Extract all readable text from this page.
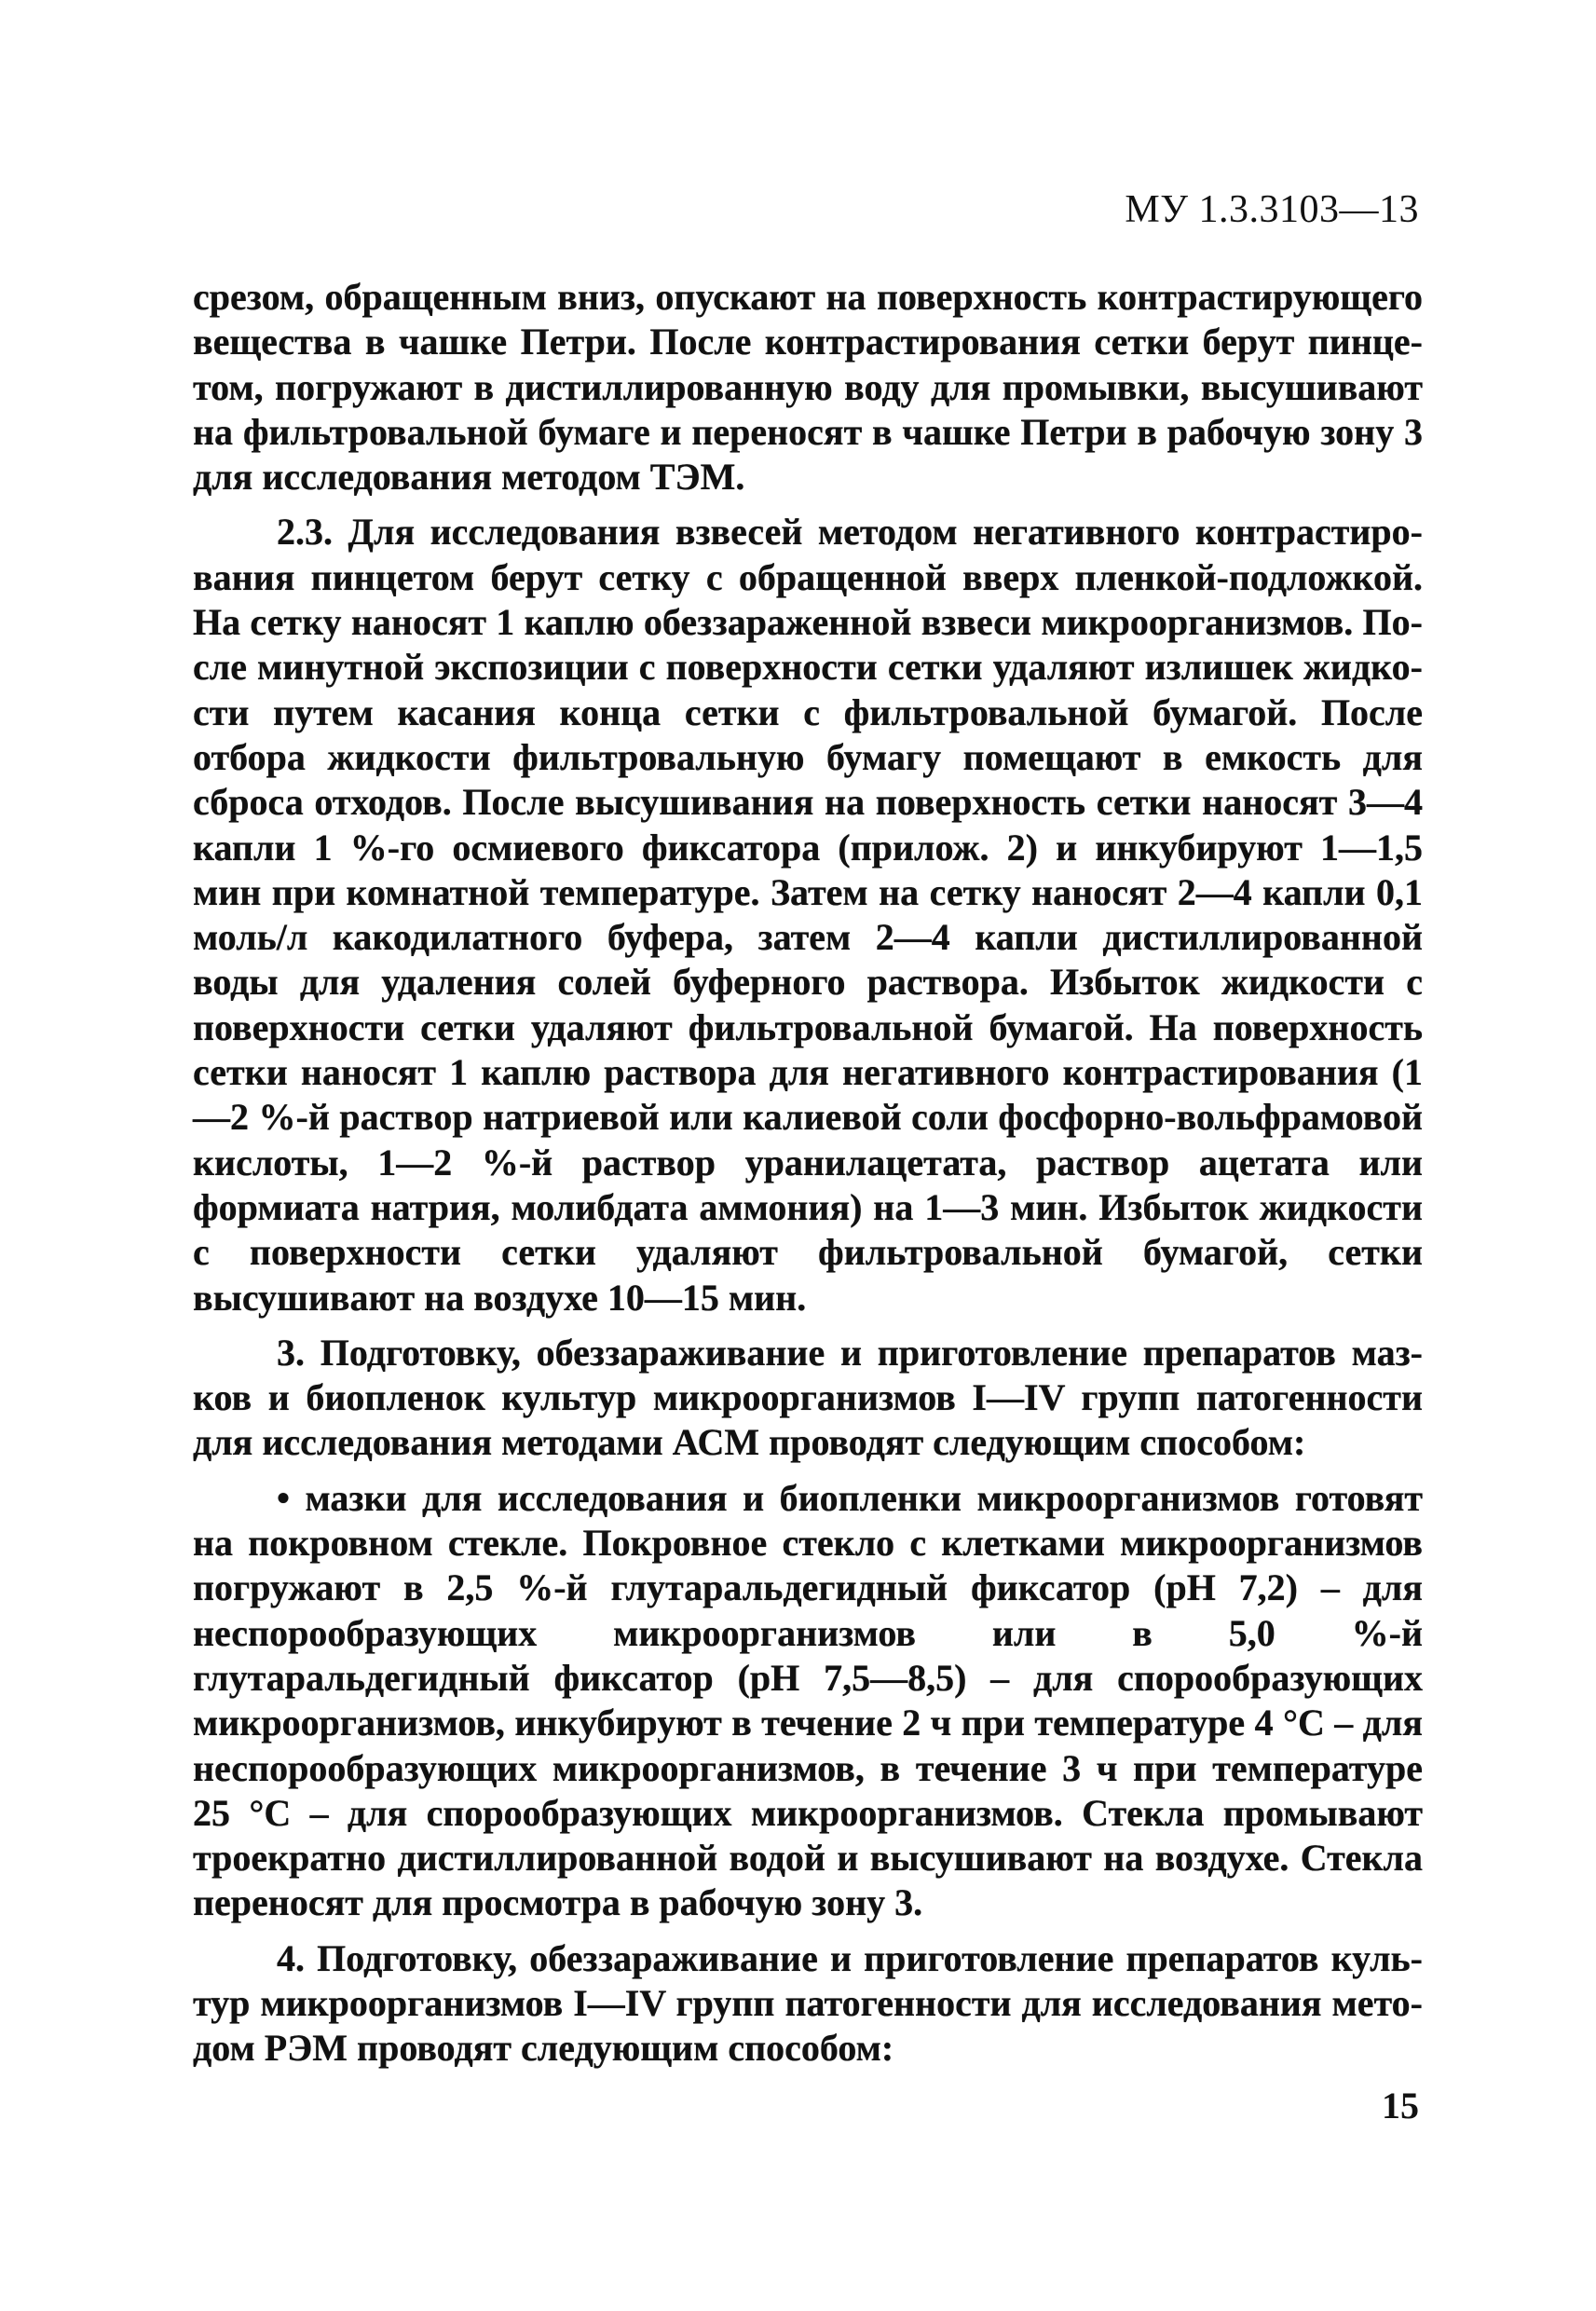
МУ 1.3.3103—13

срезом, обращенным вниз, опускают на поверхность контрастирующего вещества в чашке Петри. После контрастирования сетки берут пинцетом, погружают в дистиллированную воду для промывки, высушивают на фильтровальной бумаге и переносят в чашке Петри в рабочую зону 3 для исследования методом ТЭМ.

2.3. Для исследования взвесей методом негативного контрастирования пинцетом берут сетку с обращенной вверх пленкой-подложкой. На сетку наносят 1 каплю обеззараженной взвеси микроорганизмов. После минутной экспозиции с поверхности сетки удаляют излишек жидкости путем касания конца сетки с фильтровальной бумагой. После отбора жидкости фильтровальную бумагу помещают в емкость для сброса отходов. После высушивания на поверхность сетки наносят 3—4 капли 1 %-го осмиевого фиксатора (прилож. 2) и инкубируют 1—1,5 мин при комнатной температуре. Затем на сетку наносят 2—4 капли 0,1 моль/л какодилатного буфера, затем 2—4 капли дистиллированной воды для удаления солей буферного раствора. Избыток жидкости с поверхности сетки удаляют фильтровальной бумагой. На поверхность сетки наносят 1 каплю раствора для негативного контрастирования (1—2 %-й раствор натриевой или калиевой соли фосфорно-вольфрамовой кислоты, 1—2 %-й раствор уранилацетата, раствор ацетата или формиата натрия, молибдата аммония) на 1—3 мин. Избыток жидкости с поверхности сетки удаляют фильтровальной бумагой, сетки высушивают на воздухе 10—15 мин.

3. Подготовку, обеззараживание и приготовление препаратов мазков и биопленок культур микроорганизмов I—IV групп патогенности для исследования методами АСМ проводят следующим способом:

• мазки для исследования и биопленки микроорганизмов готовят на покровном стекле. Покровное стекло с клетками микроорганизмов погружают в 2,5 %-й глутаральдегидный фиксатор (pH 7,2) – для неспорообразующих микроорганизмов или в 5,0 %-й глутаральдегидный фиксатор (pH 7,5—8,5) – для спорообразующих микроорганизмов, инкубируют в течение 2 ч при температуре 4 °C – для неспорообразующих микроорганизмов, в течение 3 ч при температуре 25 °C – для спорообразующих микроорганизмов. Стекла промывают троекратно дистиллированной водой и высушивают на воздухе. Стекла переносят для просмотра в рабочую зону 3.

4. Подготовку, обеззараживание и приготовление препаратов культур микроорганизмов I—IV групп патогенности для исследования методом РЭМ проводят следующим способом:

15
